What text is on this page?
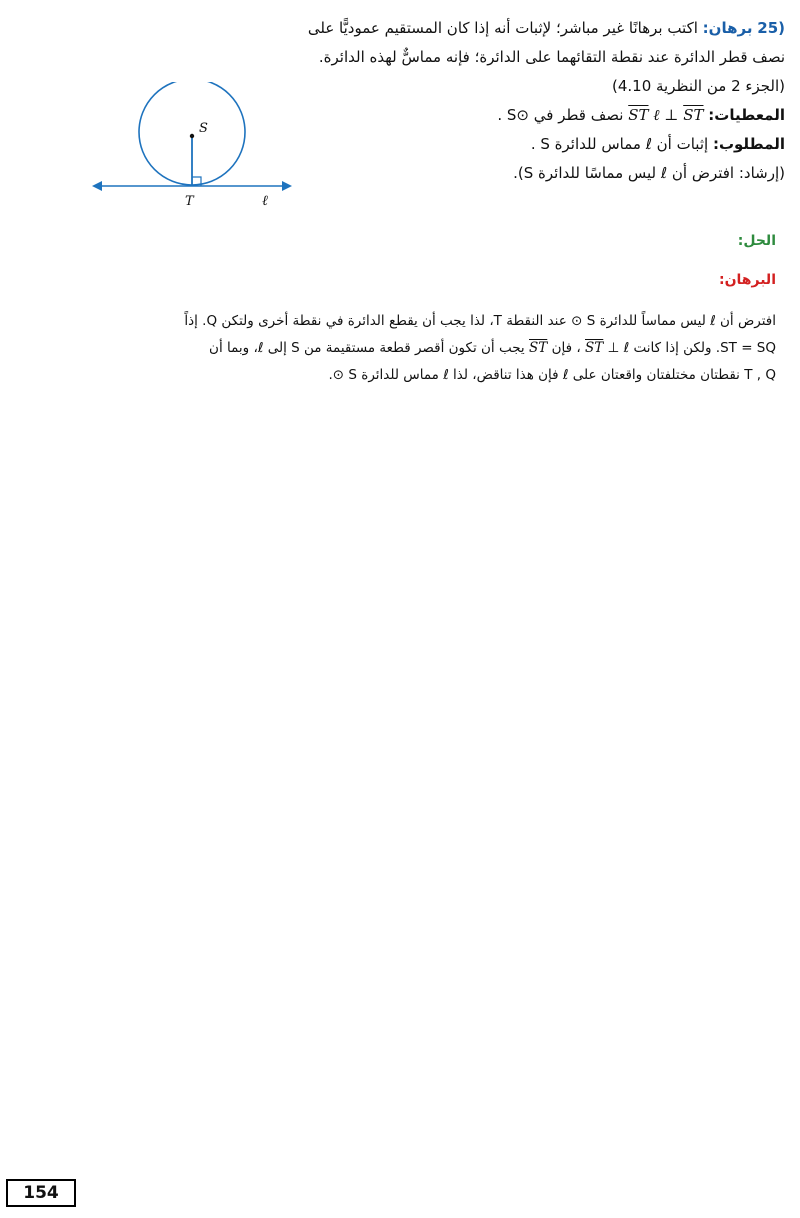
25) برهان: اكتب برهانًا غير مباشر؛ لإثبات أنه إذا كان المستقيم عموديًّا على
نصف قطر الدائرة عند نقطة التقائهما على الدائرة؛ فإنه مماسٌّ لهذه الدائرة.
(الجزء 2 من النظرية 4.10)
المعطيات: $\overline{ST}$ ℓ ⊥ $\overline{ST}$ نصف قطر في ⊙S .
المطلوب: إثبات أن ℓ مماس للدائرة S .
(إرشاد: افترض أن ℓ ليس مماسًا للدائرة S).
S
T	ℓ
الحل:
البرهان:
افترض أن ℓ ليس مماساً للدائرة S ⊙ عند النقطة T، لذا يجب أن يقطع الدائرة في نقطة أخرى ولتكن Q. إذاً
ST = SQ. ولكن إذا كانت ℓ ⊥ $\overline{ST}$ ، فإن $\overline{ST}$ يجب أن تكون أقصر قطعة مستقيمة من S إلى ℓ، وبما أن
T , Q نقطتان مختلفتان واقعتان على ℓ فإن هذا تناقض، لذا ℓ مماس للدائرة S ⊙.
154
